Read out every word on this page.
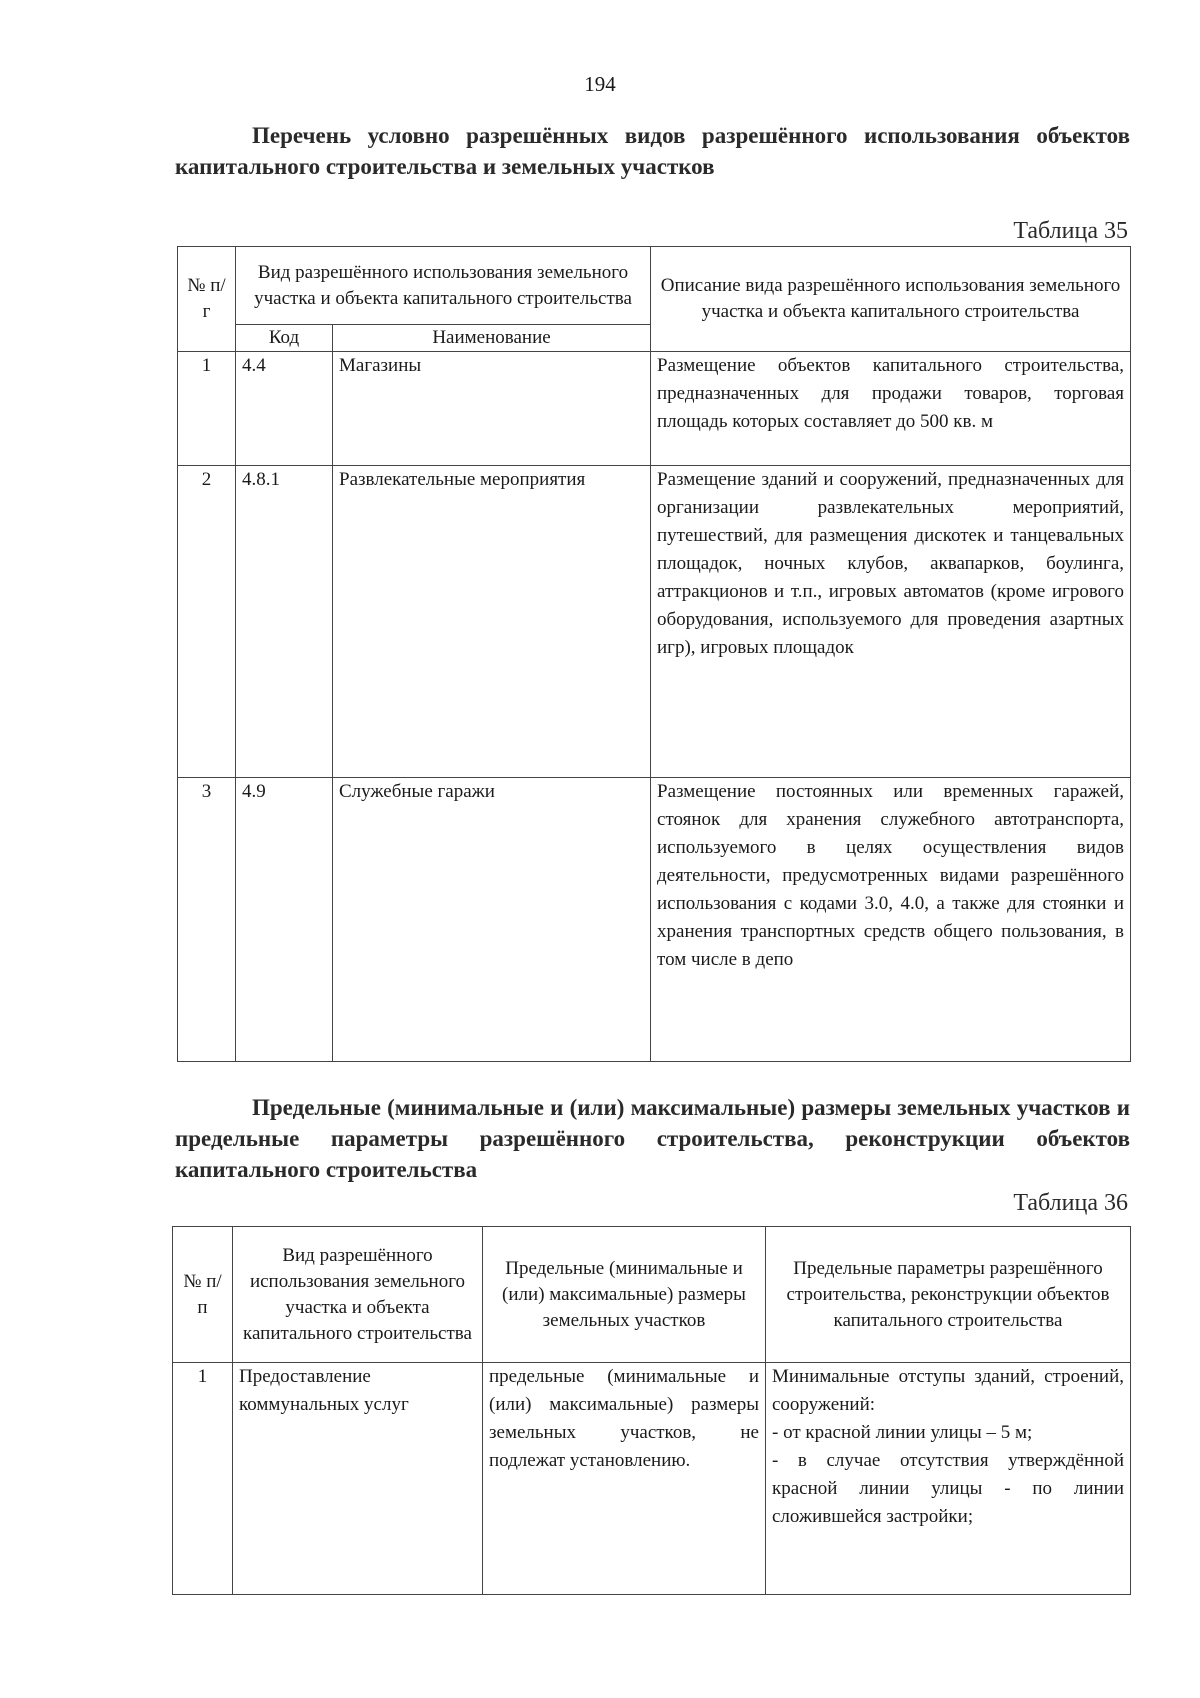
194
Перечень условно разрешённых видов разрешённого использования объектов капитального строительства и земельных участков
Таблица 35
№ п/г	Вид разрешённого использования земельного участка и объекта капитального строительства		Описание вида разрешённого использования земельного участка и объекта капитального строительства
	Код	Наименование	
1	4.4	Магазины	Размещение объектов капитального строительства, предназначенных для продажи товаров, торговая площадь которых составляет до 500 кв. м
2	4.8.1	Развлекательные мероприятия	Размещение зданий и сооружений, предназначенных для организации развлекательных мероприятий, путешествий, для размещения дискотек и танцевальных площадок, ночных клубов, аквапарков, боулинга, аттракционов и т.п., игровых автоматов (кроме игрового оборудования, используемого для проведения азартных игр), игровых площадок
3	4.9	Служебные гаражи	Размещение постоянных или временных гаражей, стоянок для хранения служебного автотранспорта, используемого в целях осуществления видов деятельности, предусмотренных видами разрешённого использования с кодами 3.0, 4.0, а также для стоянки и хранения транспортных средств общего пользования, в том числе в депо
Предельные (минимальные и (или) максимальные) размеры земельных участков и предельные параметры разрешённого строительства, реконструкции объектов капитального строительства
Таблица 36
№ п/п	Вид разрешённого использования земельного участка и объекта капитального строительства	Предельные (минимальные и (или) максимальные) размеры земельных участков	Предельные параметры разрешённого строительства, реконструкции объектов капитального строительства
1	Предоставление коммунальных услуг	предельные (минимальные и (или) максимальные) размеры земельных участков, не подлежат установлению.	Минимальные отступы зданий, строений, сооружений:
- от красной линии улицы – 5 м;
- в случае отсутствия утверждённой красной линии улицы - по линии сложившейся застройки;
